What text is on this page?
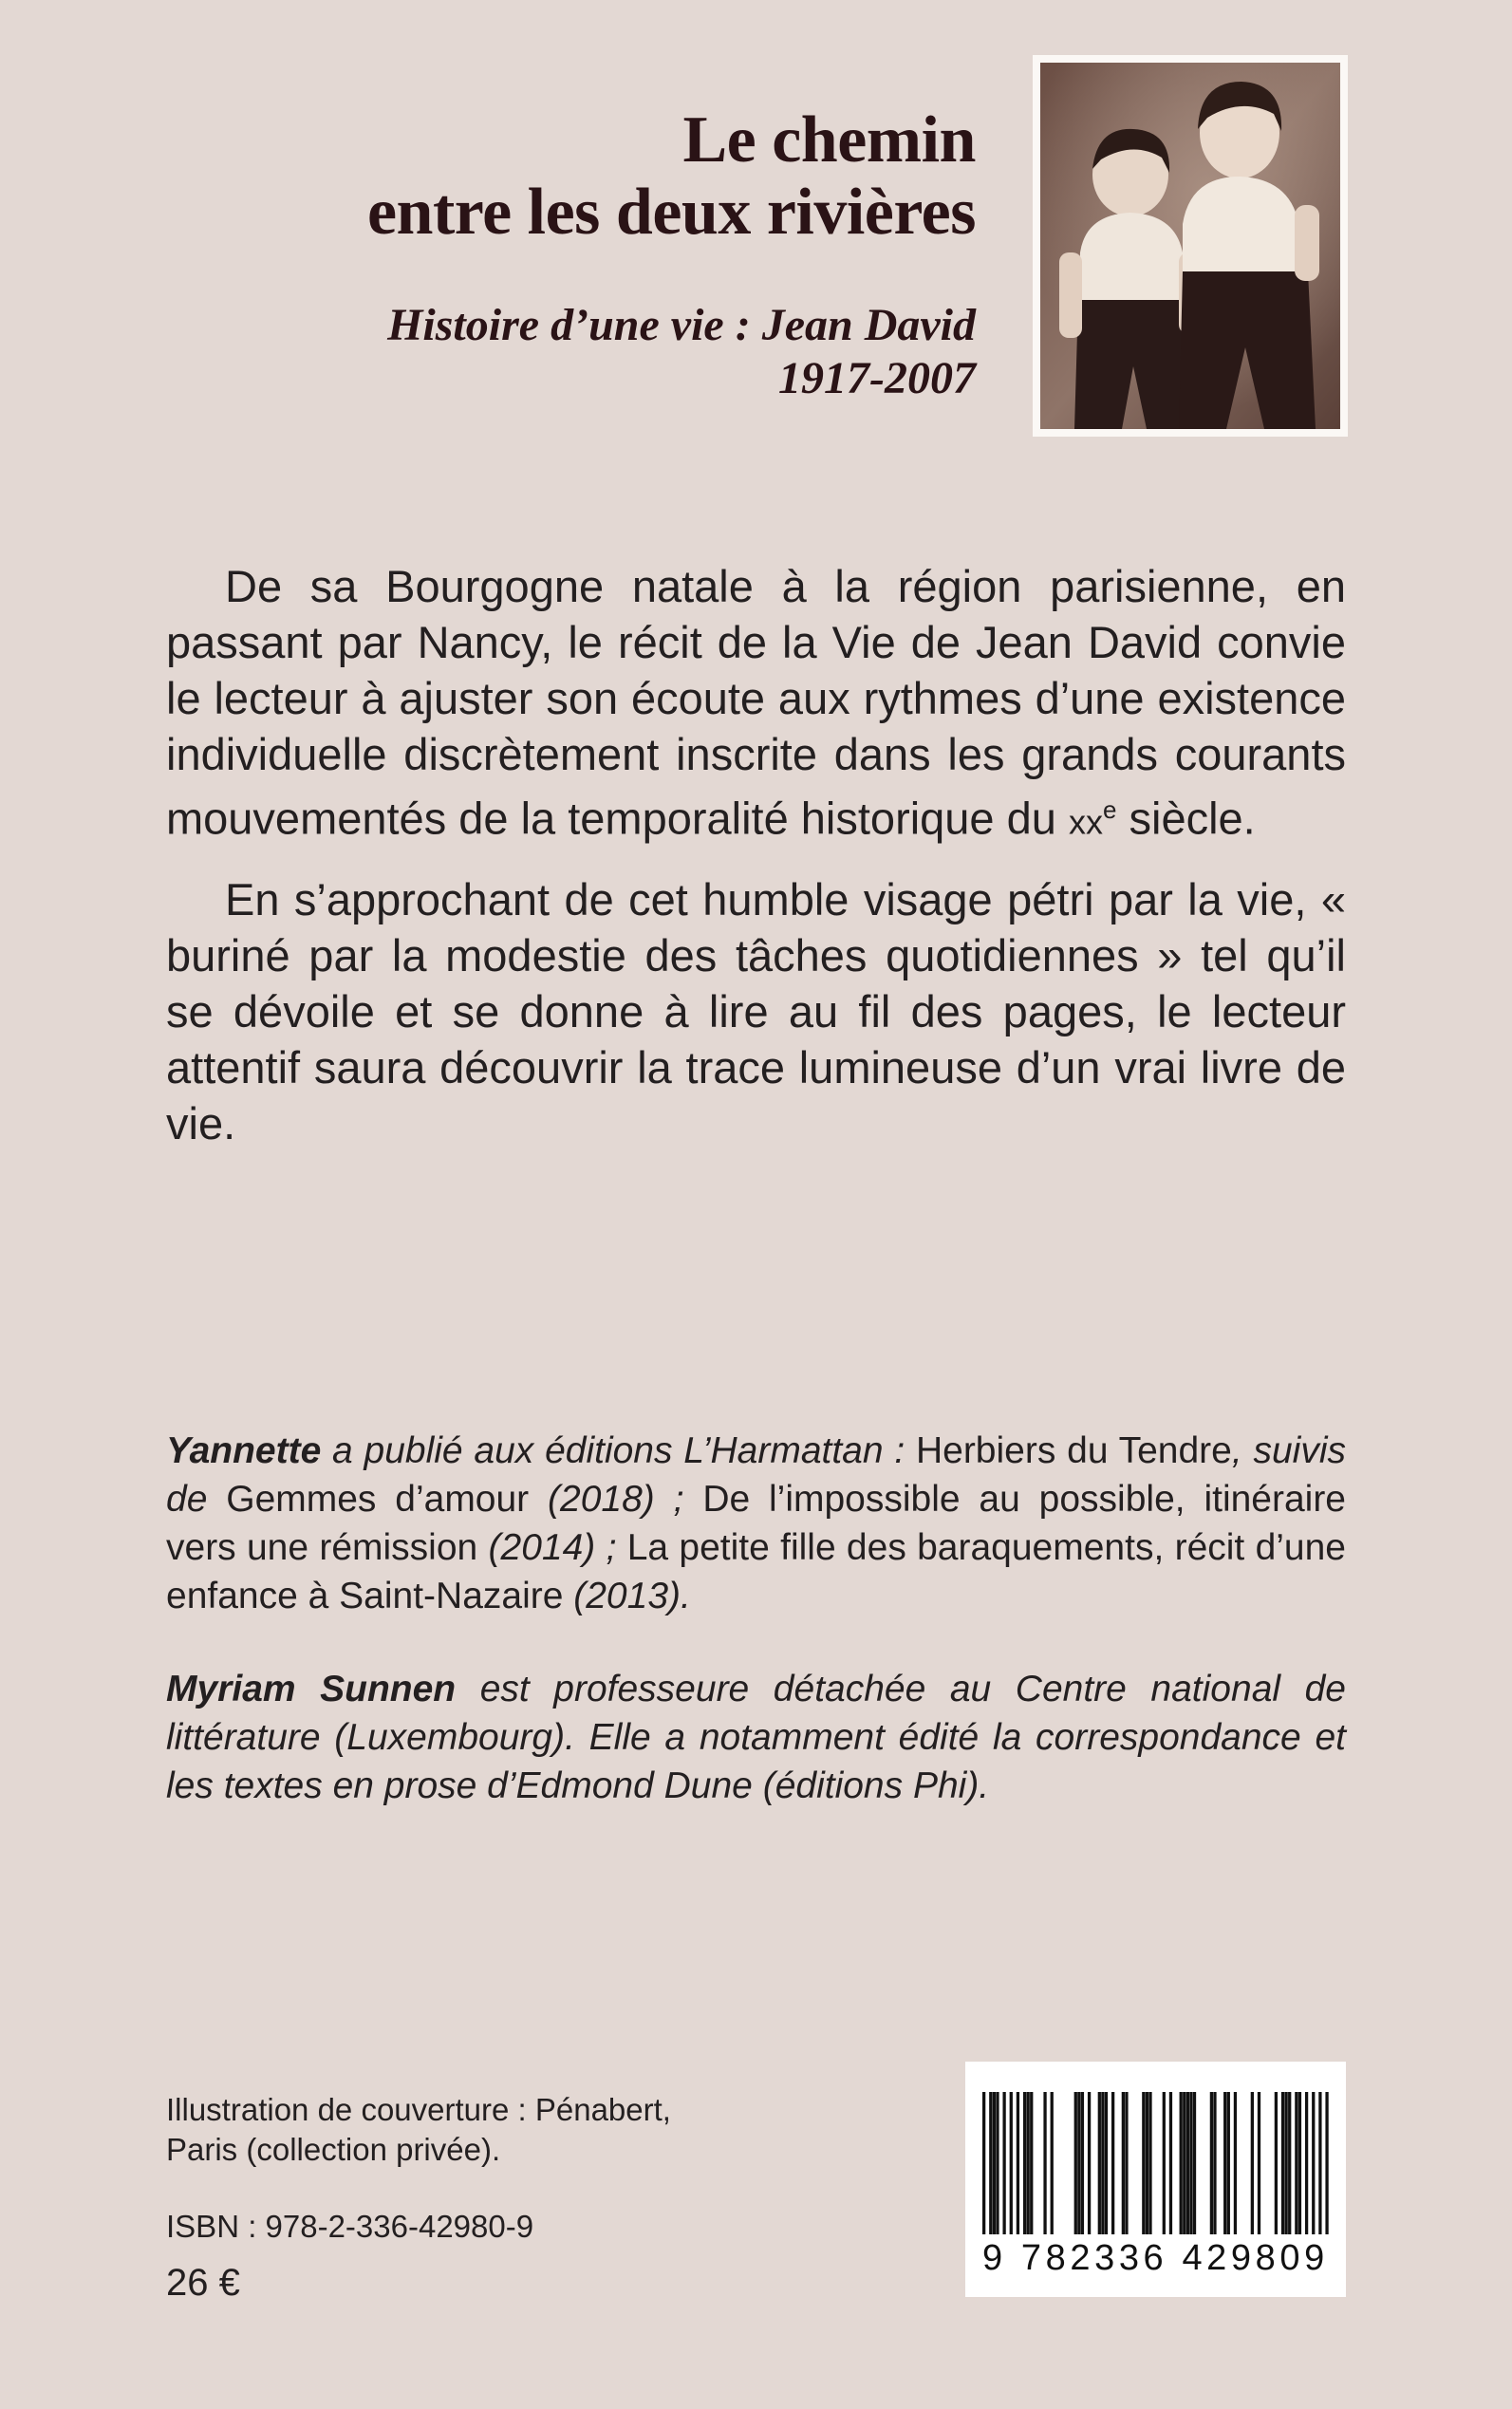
Le chemin
entre les deux rivières
Histoire d’une vie : Jean David
1917-2007

De sa Bourgogne natale à la région parisienne, en passant par Nancy, le récit de la Vie de Jean David convie le lecteur à ajuster son écoute aux rythmes d’une existence individuelle discrètement inscrite dans les grands courants mouvementés de la temporalité historique du $xx^e$ siècle.

En s’approchant de cet humble visage pétri par la vie, « buriné par la modestie des tâches quotidiennes » tel qu’il se dévoile et se donne à lire au fil des pages, le lecteur attentif saura découvrir la trace lumineuse d’un vrai livre de vie.

Yannette a publié aux éditions L’Harmattan : Herbiers du Tendre, suivis de Gemmes d’amour (2018) ; De l’impossible au possible, itinéraire vers une rémission (2014) ; La petite fille des baraquements, récit d’une enfance à Saint-Nazaire (2013).

Myriam Sunnen est professeure détachée au Centre national de littérature (Luxembourg). Elle a notamment édité la correspondance et les textes en prose d’Edmond Dune (éditions Phi).

Illustration de couverture : Pénabert,
Paris (collection privée).
ISBN : 978-2-336-42980-9
26 €
9 782336 429809
